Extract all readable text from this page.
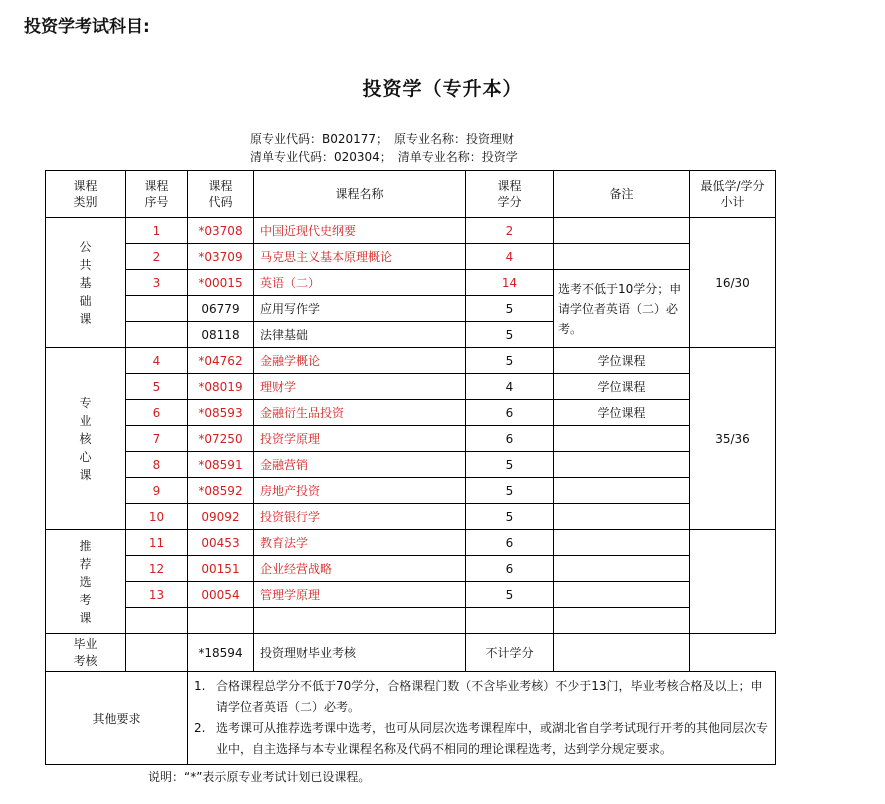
投资学考试科目:
投资学（专升本）
原专业代码：B020177；　原专业名称：投资理财
清单专业代码：020304；　清单专业名称：投资学
课程类别	课程序号	课程代码	课程名称	课程学分	备注	最低学/学分小计

公共基础课	1	*03708	中国近现代史纲要	2		16/30
	2	*03709	马克思主义基本原理概论	4		
	3	*00015	英语（二）	14	选考不低于10学分；申请学位者英语（二）必考。	
		06779	应用写作学	5		
		08118	法律基础	5		

专业核心课	4	*04762	金融学概论	5	学位课程	35/36
	5	*08019	理财学	4	学位课程	
	6	*08593	金融衍生品投资	6	学位课程	
	7	*07250	投资学原理	6		
	8	*08591	金融营销	5		
	9	*08592	房地产投资	5		
	10	09092	投资银行学	5		

推荐选考课	11	00453	教育法学	6		
	12	00151	企业经营战略	6		
	13	00054	管理学原理	5		

毕业考核		*18594	投资理财毕业考核	不计学分		
其他要求		1. 合格课程总学分不低于70学分，合格课程门数（不含毕业考核）不少于13门，毕业考核合格及以上；申请学位者英语（二）必考。
2. 选考课可从推荐选考课中选考，也可从同层次选考课程库中，或湖北省自学考试现行开考的其他同层次专业中，自主选择与本专业课程名称及代码不相同的理论课程选考，达到学分规定要求。				
说明：“*”表示原专业考试计划已设课程。
